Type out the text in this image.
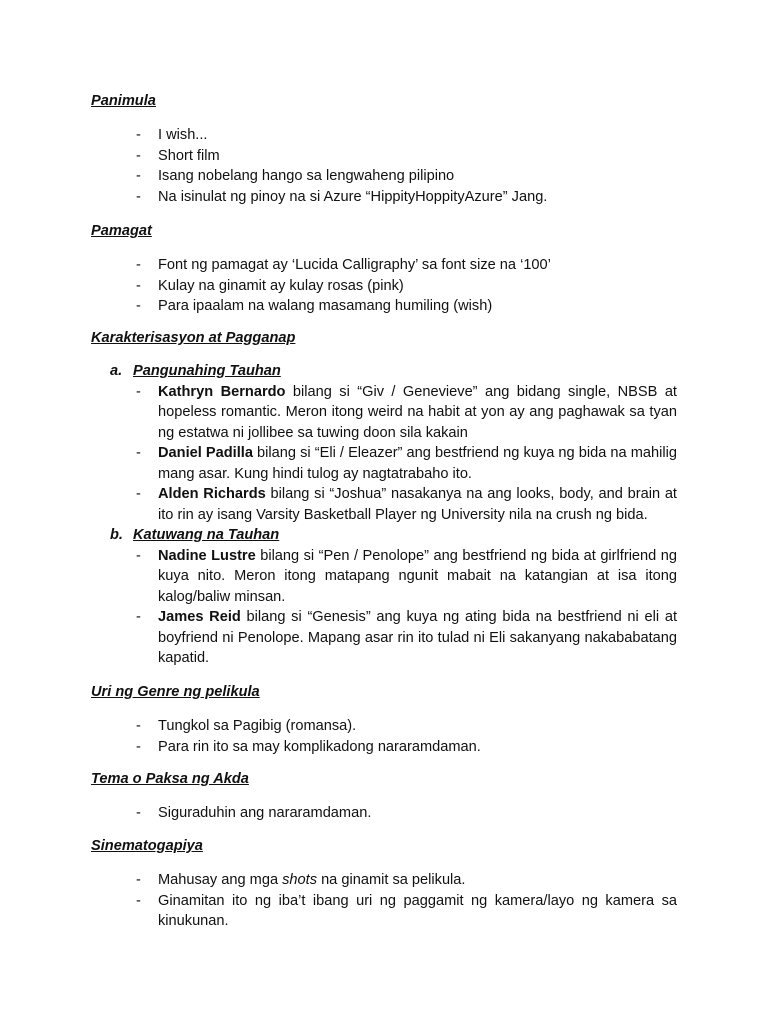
Panimula

- I wish...
- Short film
- Isang nobelang hango sa lengwaheng pilipino
- Na isinulat ng pinoy na si Azure “HippityHoppityAzure” Jang.

Pamagat

- Font ng pamagat ay ‘Lucida Calligraphy’ sa font size na ‘100’
- Kulay na ginamit ay kulay rosas (pink)
- Para ipaalam na walang masamang humiling (wish)

Karakterisasyon at Pagganap

a. Pangunahing Tauhan
- Kathryn Bernardo bilang si “Giv / Genevieve” ang bidang single, NBSB at hopeless romantic. Meron itong weird na habit at yon ay ang paghawak sa tyan ng estatwa ni jollibee sa tuwing doon sila kakain
- Daniel Padilla bilang si “Eli / Eleazer” ang bestfriend ng kuya ng bida na mahilig mang asar. Kung hindi tulog ay nagtatrabaho ito.
- Alden Richards bilang si “Joshua” nasakanya na ang looks, body, and brain at ito rin ay isang Varsity Basketball Player ng University nila na crush ng bida.
b. Katuwang na Tauhan
- Nadine Lustre bilang si “Pen / Penolope” ang bestfriend ng bida at girlfriend ng kuya nito. Meron itong matapang ngunit mabait na katangian at isa itong kalog/baliw minsan.
- James Reid bilang si “Genesis” ang kuya ng ating bida na bestfriend ni eli at boyfriend ni Penolope. Mapang asar rin ito tulad ni Eli sakanyang nakababatang kapatid.

Uri ng Genre ng pelikula

- Tungkol sa Pagibig (romansa).
- Para rin ito sa may komplikadong nararamdaman.

Tema o Paksa ng Akda

- Siguraduhin ang nararamdaman.

Sinematogapiya

- Mahusay ang mga shots na ginamit sa pelikula.
- Ginamitan ito ng iba’t ibang uri ng paggamit ng kamera/layo ng kamera sa kinukunan.
